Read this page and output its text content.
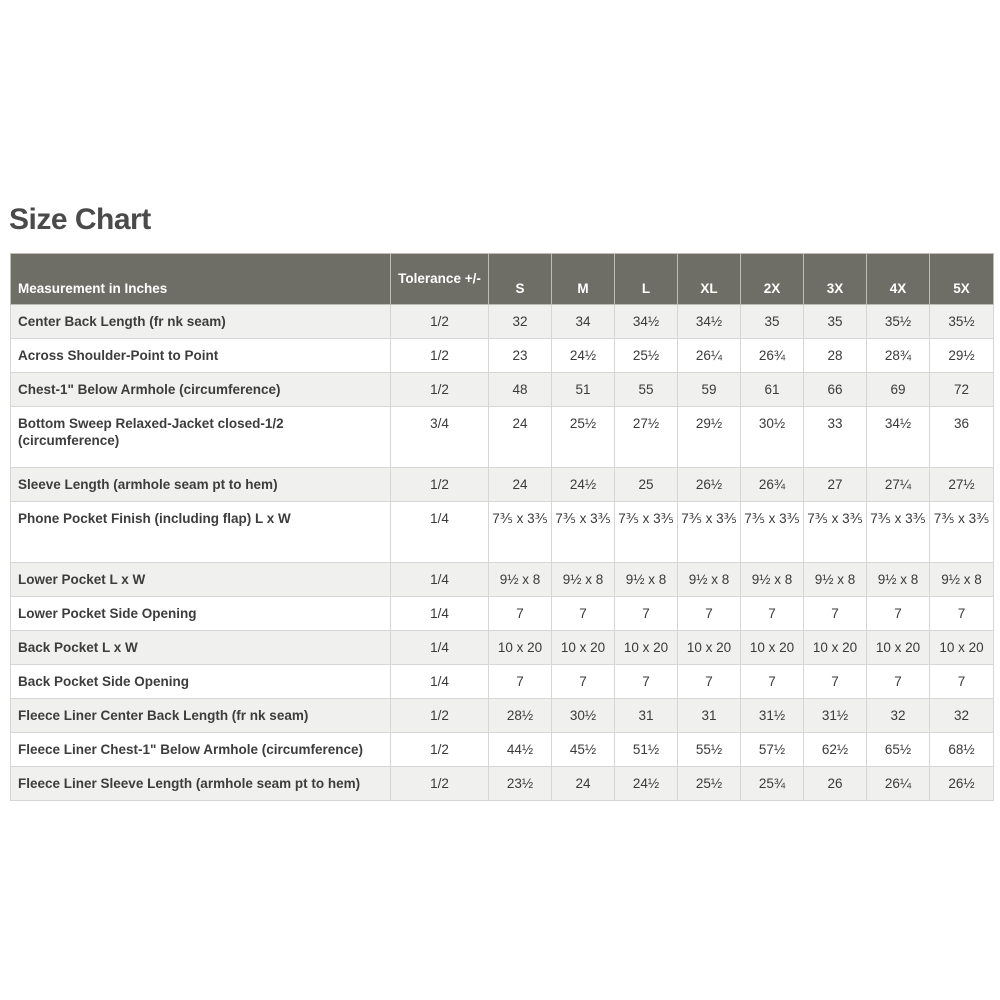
Size Chart
Measurement in Inches	Tolerance +/-	S	M	L	XL	2X	3X	4X	5X
Center Back Length (fr nk seam)	1/2	32	34	34½	34½	35	35	35½	35½
Across Shoulder-Point to Point	1/2	23	24½	25½	26¼	26¾	28	28¾	29½
Chest-1" Below Armhole (circumference)	1/2	48	51	55	59	61	66	69	72
Bottom Sweep Relaxed-Jacket closed-1/2 (circumference)	3/4	24	25½	27½	29½	30½	33	34½	36
Sleeve Length (armhole seam pt to hem)	1/2	24	24½	25	26½	26¾	27	27¼	27½
Phone Pocket Finish (including flap) L x W	1/4	7⅗ x 3⅗	7⅗ x 3⅗	7⅗ x 3⅗	7⅗ x 3⅗	7⅗ x 3⅗	7⅗ x 3⅗	7⅗ x 3⅗	7⅗ x 3⅗
Lower Pocket L x W	1/4	9½ x 8	9½ x 8	9½ x 8	9½ x 8	9½ x 8	9½ x 8	9½ x 8	9½ x 8
Lower Pocket Side Opening	1/4	7	7	7	7	7	7	7	7
Back Pocket L x W	1/4	10 x 20	10 x 20	10 x 20	10 x 20	10 x 20	10 x 20	10 x 20	10 x 20
Back Pocket Side Opening	1/4	7	7	7	7	7	7	7	7
Fleece Liner Center Back Length (fr nk seam)	1/2	28½	30½	31	31	31½	31½	32	32
Fleece Liner Chest-1" Below Armhole (circumference)	1/2	44½	45½	51½	55½	57½	62½	65½	68½
Fleece Liner Sleeve Length (armhole seam pt to hem)	1/2	23½	24	24½	25½	25¾	26	26¼	26½
